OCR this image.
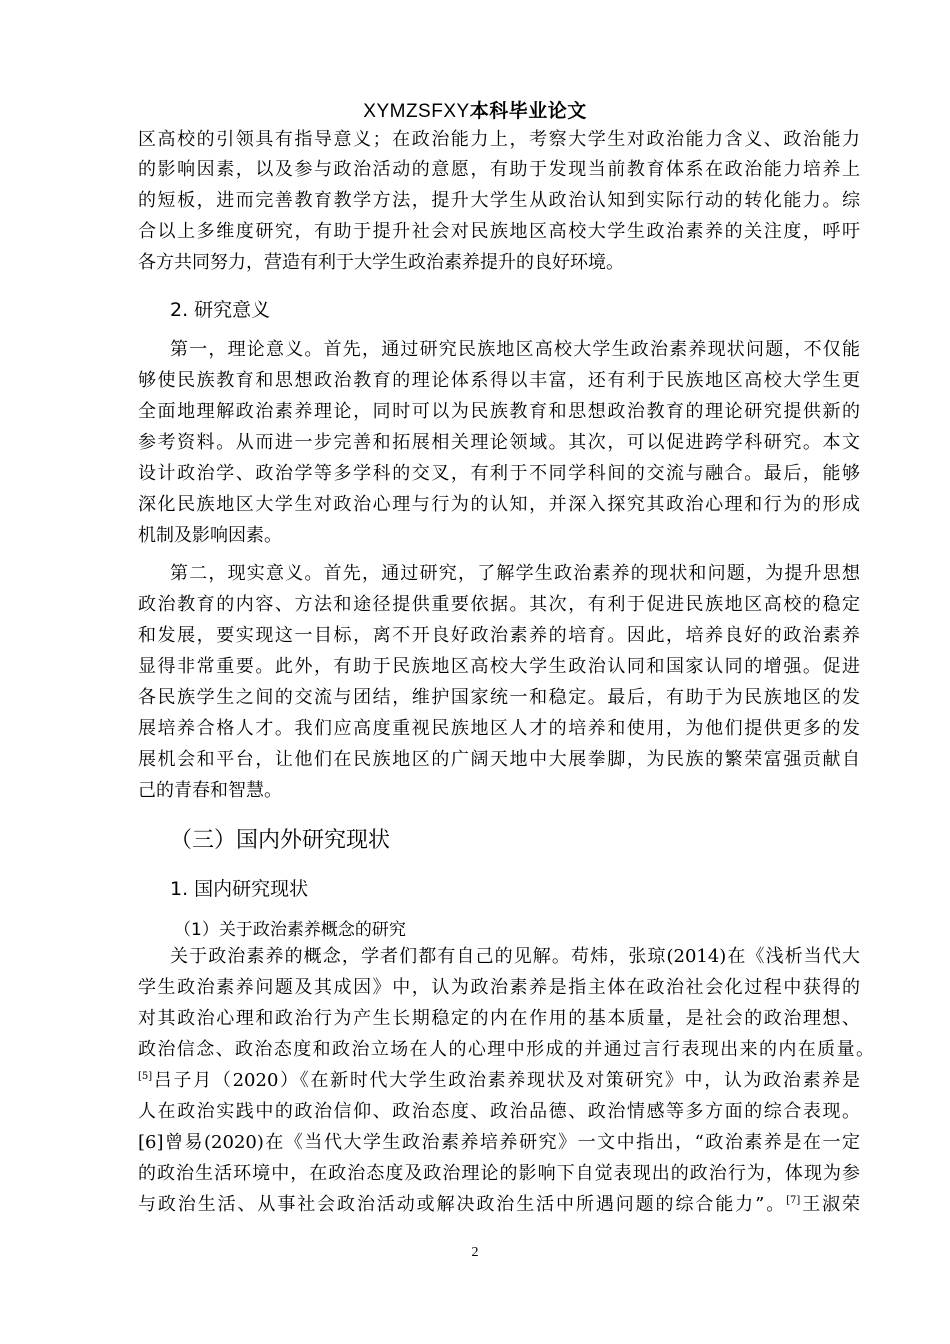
XYMZSFXY本科毕业论文
区高校的引领具有指导意义；在政治能力上，考察大学生对政治能力含义、政治能力
的影响因素，以及参与政治活动的意愿，有助于发现当前教育体系在政治能力培养上
的短板，进而完善教育教学方法，提升大学生从政治认知到实际行动的转化能力。综
合以上多维度研究，有助于提升社会对民族地区高校大学生政治素养的关注度，呼吁
各方共同努力，营造有利于大学生政治素养提升的良好环境。
2. 研究意义
第一，理论意义。首先，通过研究民族地区高校大学生政治素养现状问题，不仅能
够使民族教育和思想政治教育的理论体系得以丰富，还有利于民族地区高校大学生更
全面地理解政治素养理论，同时可以为民族教育和思想政治教育的理论研究提供新的
参考资料。从而进一步完善和拓展相关理论领域。其次，可以促进跨学科研究。本文
设计政治学、政治学等多学科的交叉，有利于不同学科间的交流与融合。最后，能够
深化民族地区大学生对政治心理与行为的认知，并深入探究其政治心理和行为的形成
机制及影响因素。
第二，现实意义。首先，通过研究，了解学生政治素养的现状和问题，为提升思想
政治教育的内容、方法和途径提供重要依据。其次，有利于促进民族地区高校的稳定
和发展，要实现这一目标，离不开良好政治素养的培育。因此，培养良好的政治素养
显得非常重要。此外，有助于民族地区高校大学生政治认同和国家认同的增强。促进
各民族学生之间的交流与团结，维护国家统一和稳定。最后，有助于为民族地区的发
展培养合格人才。我们应高度重视民族地区人才的培养和使用，为他们提供更多的发
展机会和平台，让他们在民族地区的广阔天地中大展拳脚，为民族的繁荣富强贡献自
己的青春和智慧。
（三）国内外研究现状
1. 国内研究现状
（1）关于政治素养概念的研究
关于政治素养的概念，学者们都有自己的见解。苟炜，张琼(2014)在《浅析当代大
学生政治素养问题及其成因》中，认为政治素养是指主体在政治社会化过程中获得的
对其政治心理和政治行为产生长期稳定的内在作用的基本质量，是社会的政治理想、
政治信念、政治态度和政治立场在人的心理中形成的并通过言行表现出来的内在质量。
[5]吕子月（2020）《在新时代大学生政治素养现状及对策研究》中，认为政治素养是
人在政治实践中的政治信仰、政治态度、政治品德、政治情感等多方面的综合表现。
[6]曾易(2020)在《当代大学生政治素养培养研究》一文中指出，“政治素养是在一定
的政治生活环境中，在政治态度及政治理论的影响下自觉表现出的政治行为，体现为参
与政治生活、从事社会政治活动或解决政治生活中所遇问题的综合能力”。[7]王淑荣
2
